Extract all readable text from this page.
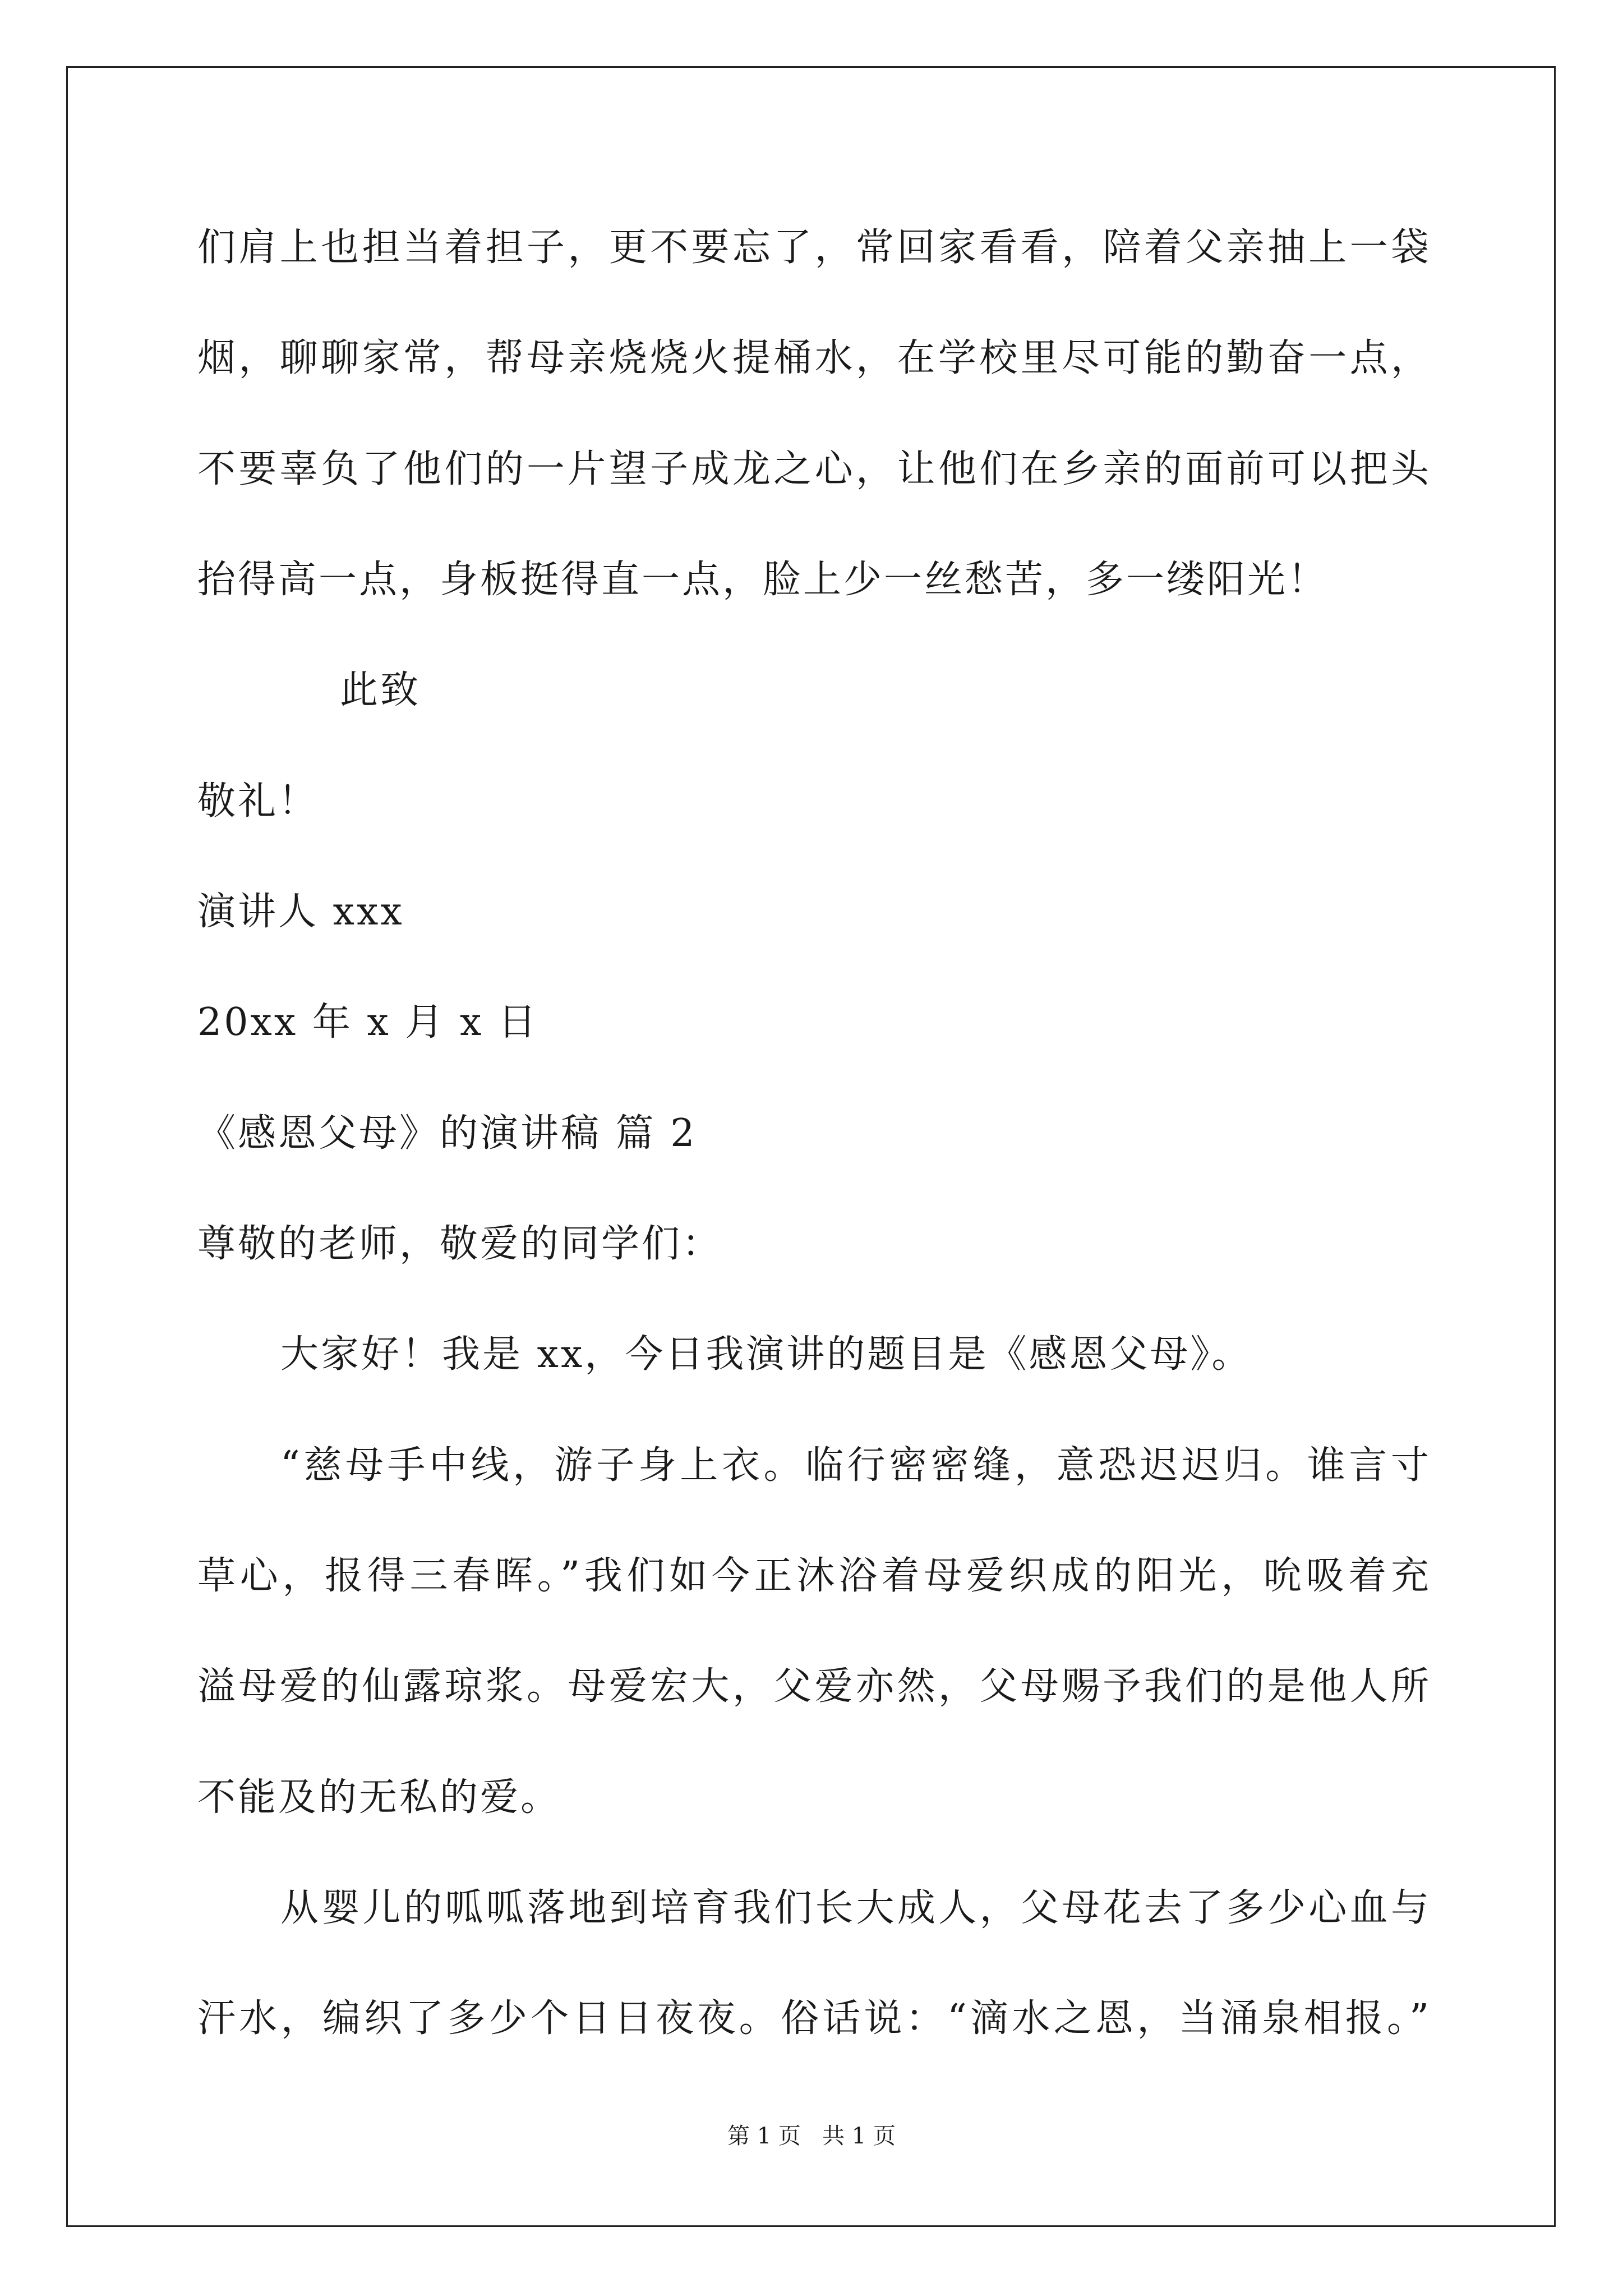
们肩上也担当着担子，更不要忘了，常回家看看，陪着父亲抽上一袋
烟，聊聊家常，帮母亲烧烧火提桶水，在学校里尽可能的勤奋一点，
不要辜负了他们的一片望子成龙之心，让他们在乡亲的面前可以把头
抬得高一点，身板挺得直一点，脸上少一丝愁苦，多一缕阳光！
此致
敬礼！
演讲人 xxx
20xx 年 x 月 x 日
《感恩父母》的演讲稿 篇 2
尊敬的老师，敬爱的同学们：
大家好！我是 xx，今日我演讲的题目是《感恩父母》。
“慈母手中线，游子身上衣。临行密密缝，意恐迟迟归。谁言寸
草心，报得三春晖。”我们如今正沐浴着母爱织成的阳光，吮吸着充
溢母爱的仙露琼浆。母爱宏大，父爱亦然，父母赐予我们的是他人所
不能及的无私的爱。
从婴儿的呱呱落地到培育我们长大成人，父母花去了多少心血与
汗水，编织了多少个日日夜夜。俗话说：“滴水之恩，当涌泉相报。”
第 1 页   共 1 页
